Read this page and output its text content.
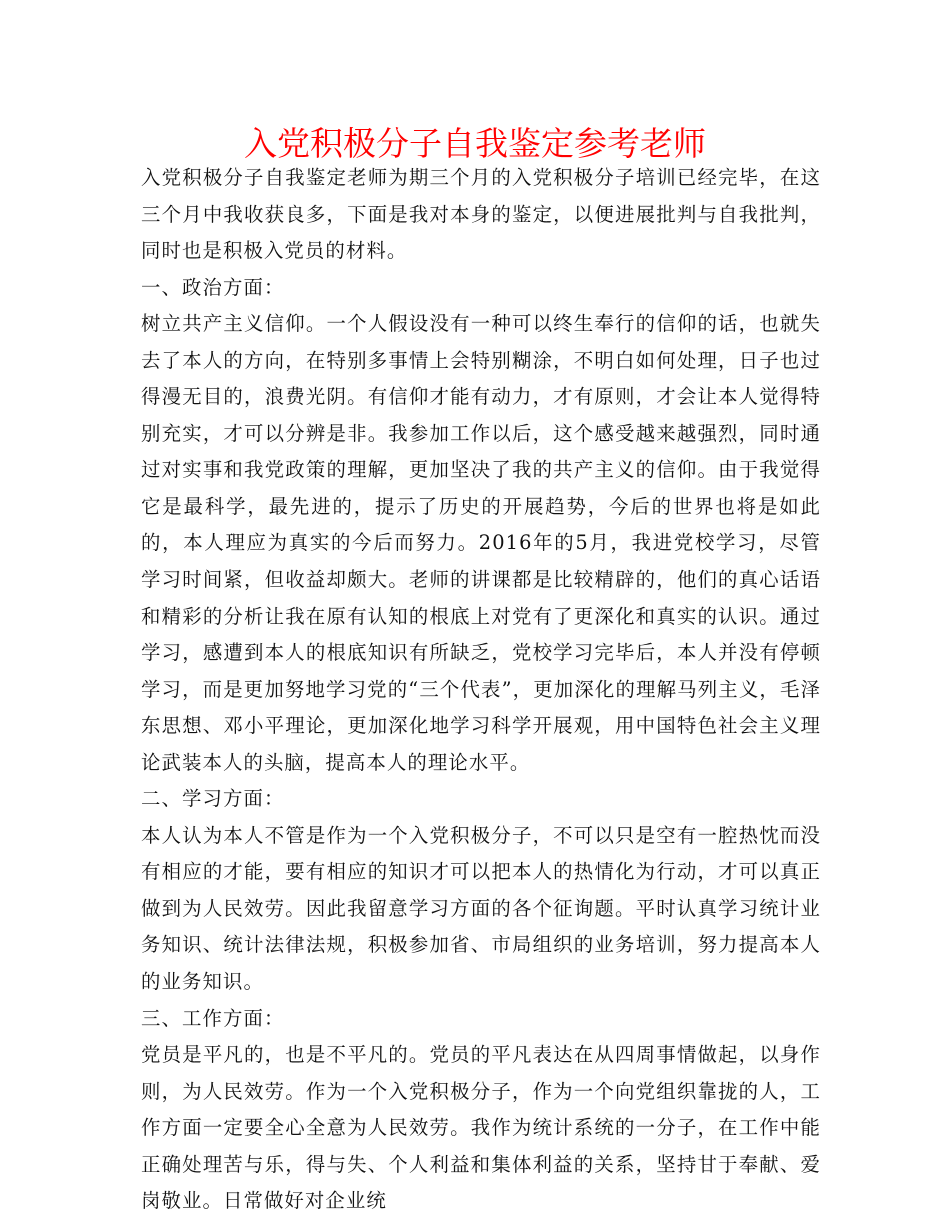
入党积极分子自我鉴定参考老师

入党积极分子自我鉴定老师为期三个月的入党积极分子培训已经完毕，在这三个月中我收获良多，下面是我对本身的鉴定，以便进展批判与自我批判，同时也是积极入党员的材料。

一、政治方面：

树立共产主义信仰。一个人假设没有一种可以终生奉行的信仰的话，也就失去了本人的方向，在特别多事情上会特别糊涂，不明白如何处理，日子也过得漫无目的，浪费光阴。有信仰才能有动力，才有原则，才会让本人觉得特别充实，才可以分辨是非。我参加工作以后，这个感受越来越强烈，同时通过对实事和我党政策的理解，更加坚决了我的共产主义的信仰。由于我觉得它是最科学，最先进的，提示了历史的开展趋势，今后的世界也将是如此的，本人理应为真实的今后而努力。2016年的5月，我进党校学习，尽管学习时间紧，但收益却颇大。老师的讲课都是比较精辟的，他们的真心话语和精彩的分析让我在原有认知的根底上对党有了更深化和真实的认识。通过学习，感遭到本人的根底知识有所缺乏，党校学习完毕后，本人并没有停顿学习，而是更加努地学习党的“三个代表”，更加深化的理解马列主义，毛泽东思想、邓小平理论，更加深化地学习科学开展观，用中国特色社会主义理论武装本人的头脑，提高本人的理论水平。

二、学习方面：

本人认为本人不管是作为一个入党积极分子，不可以只是空有一腔热忱而没有相应的才能，要有相应的知识才可以把本人的热情化为行动，才可以真正做到为人民效劳。因此我留意学习方面的各个征询题。平时认真学习统计业务知识、统计法律法规，积极参加省、市局组织的业务培训，努力提高本人的业务知识。

三、工作方面：

党员是平凡的，也是不平凡的。党员的平凡表达在从四周事情做起，以身作则，为人民效劳。作为一个入党积极分子，作为一个向党组织靠拢的人，工作方面一定要全心全意为人民效劳。我作为统计系统的一分子，在工作中能正确处理苦与乐，得与失、个人利益和集体利益的关系，坚持甘于奉献、爱岗敬业。日常做好对企业统
